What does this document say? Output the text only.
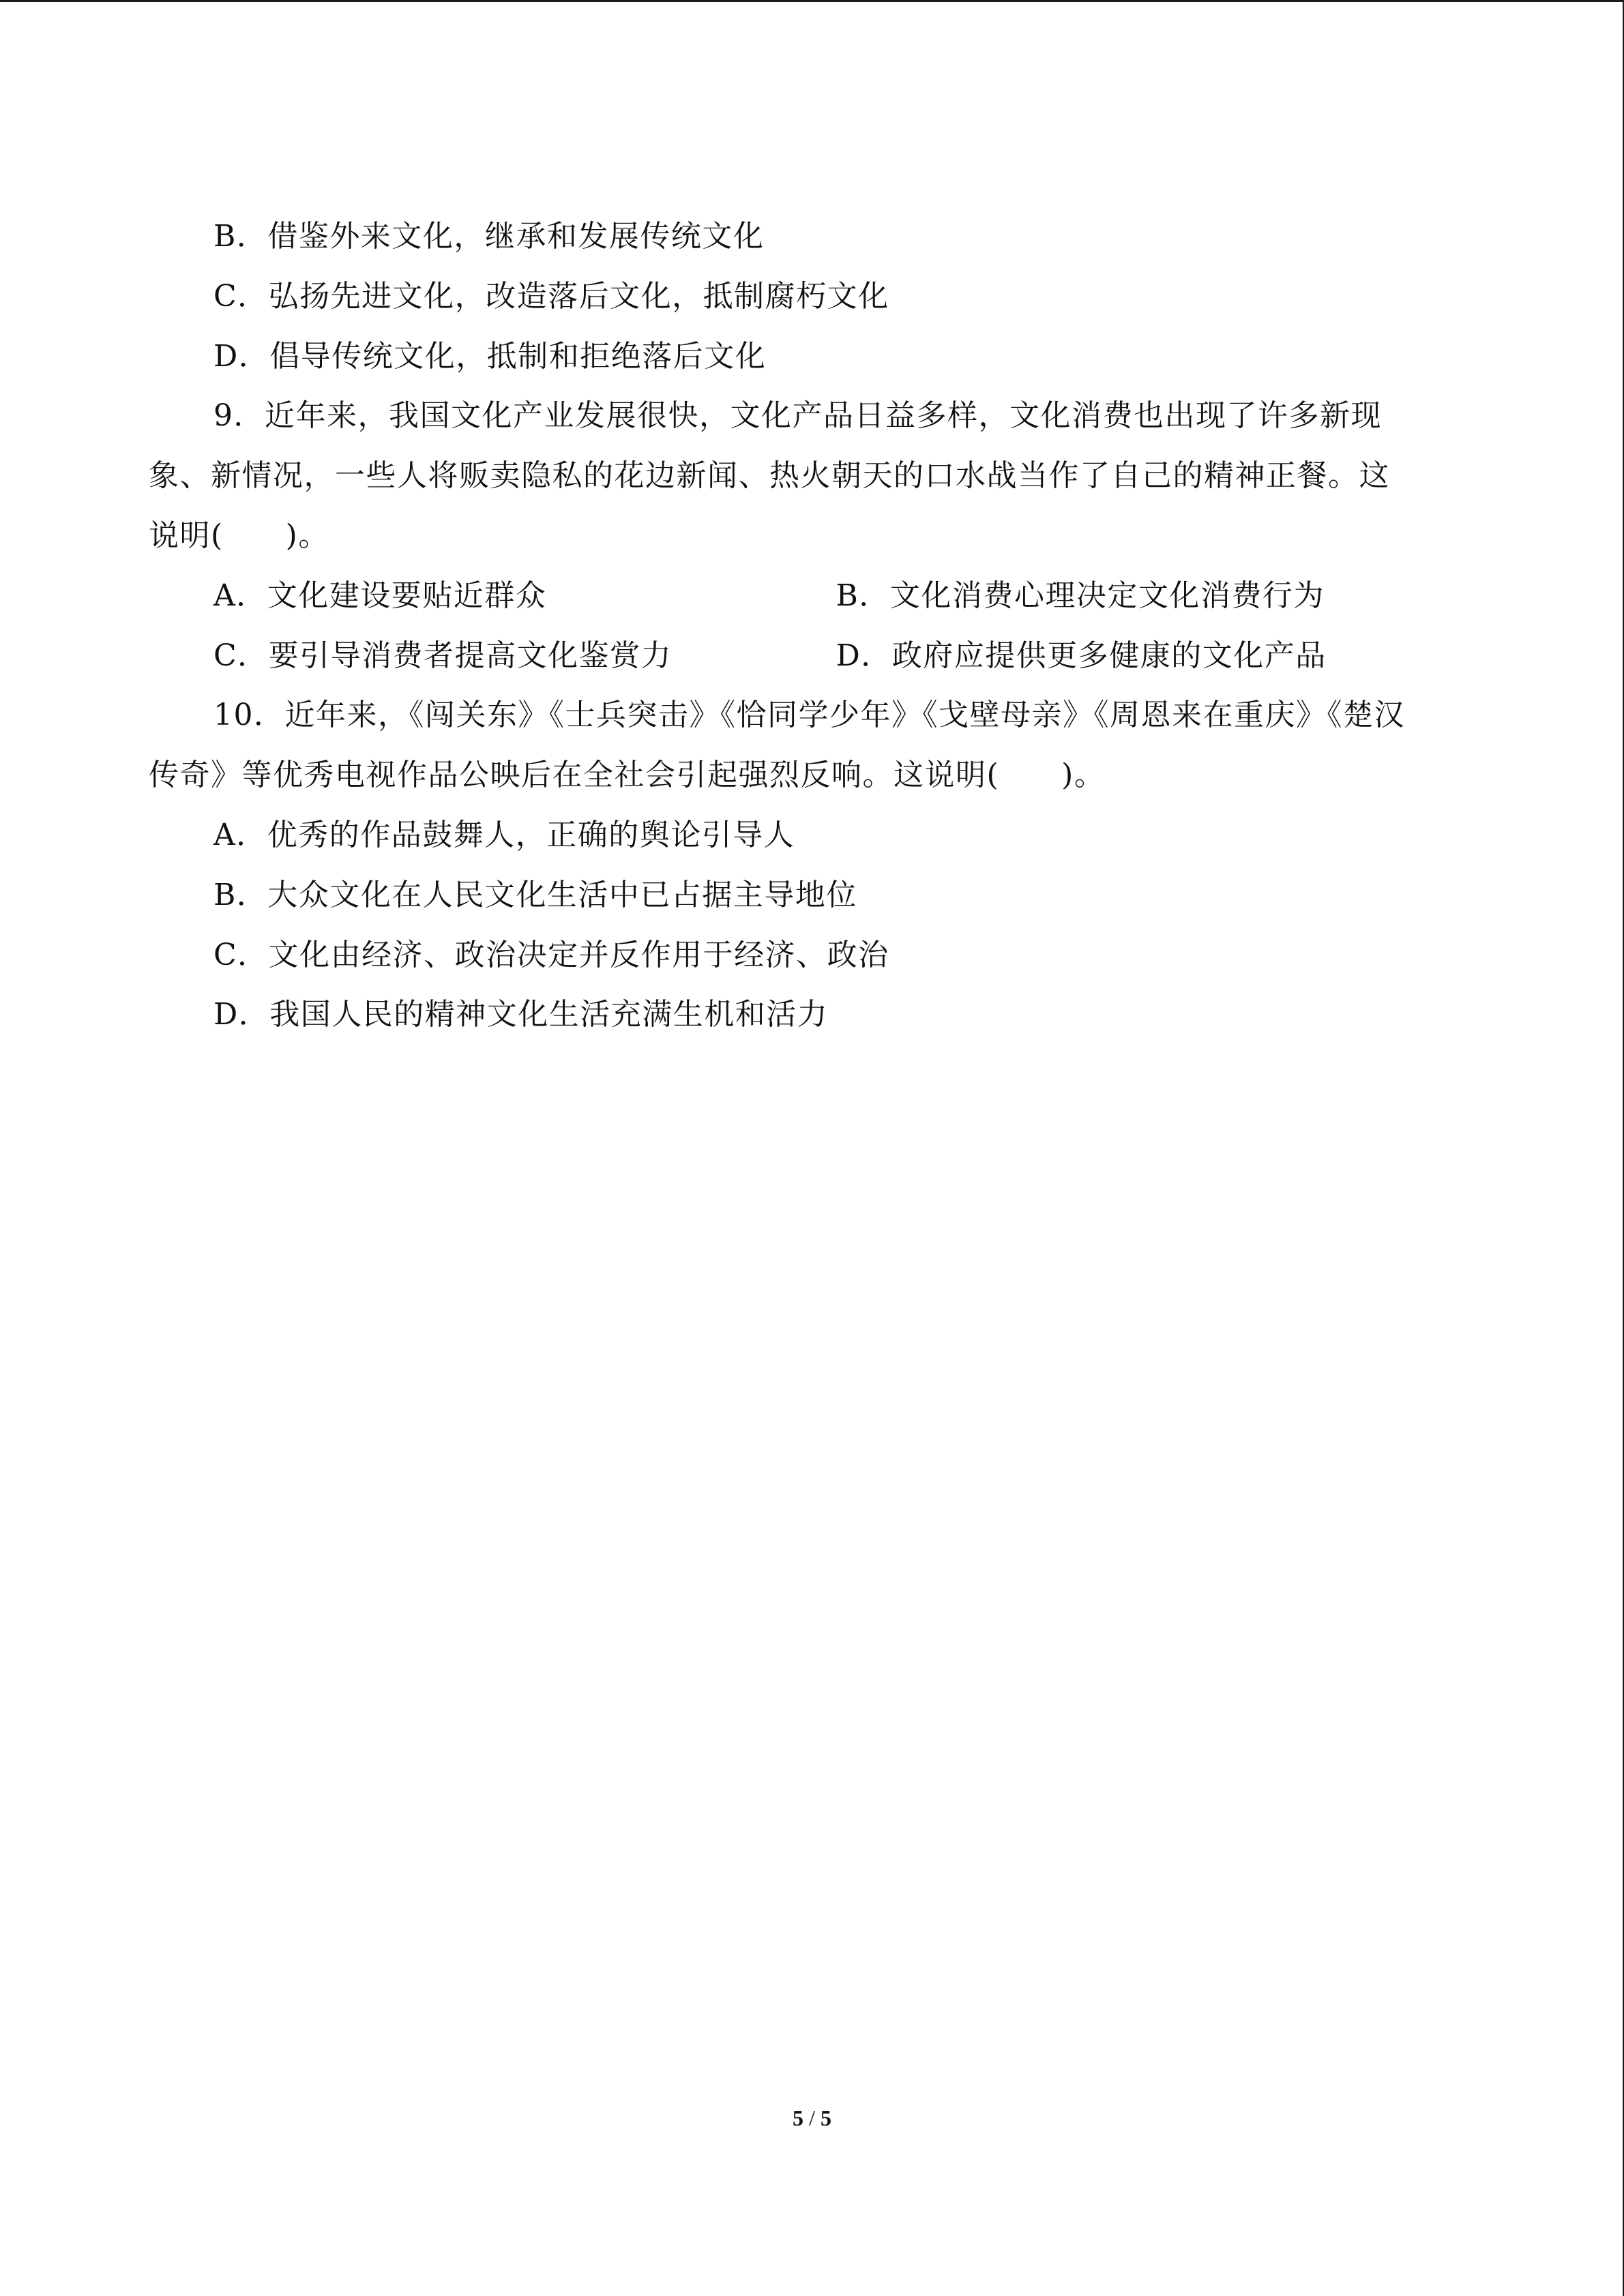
B．借鉴外来文化，继承和发展传统文化
C．弘扬先进文化，改造落后文化，抵制腐朽文化
D．倡导传统文化，抵制和拒绝落后文化
9．近年来，我国文化产业发展很快，文化产品日益多样，文化消费也出现了许多新现
象、新情况，一些人将贩卖隐私的花边新闻、热火朝天的口水战当作了自己的精神正餐。这
说明(　　)。
A．文化建设要贴近群众	B．文化消费心理决定文化消费行为
C．要引导消费者提高文化鉴赏力	D．政府应提供更多健康的文化产品
10．近年来，《闯关东》《士兵突击》《恰同学少年》《戈壁母亲》《周恩来在重庆》《楚汉
传奇》等优秀电视作品公映后在全社会引起强烈反响。这说明(　　)。
A．优秀的作品鼓舞人，正确的舆论引导人
B．大众文化在人民文化生活中已占据主导地位
C．文化由经济、政治决定并反作用于经济、政治
D．我国人民的精神文化生活充满生机和活力
5 / 5
